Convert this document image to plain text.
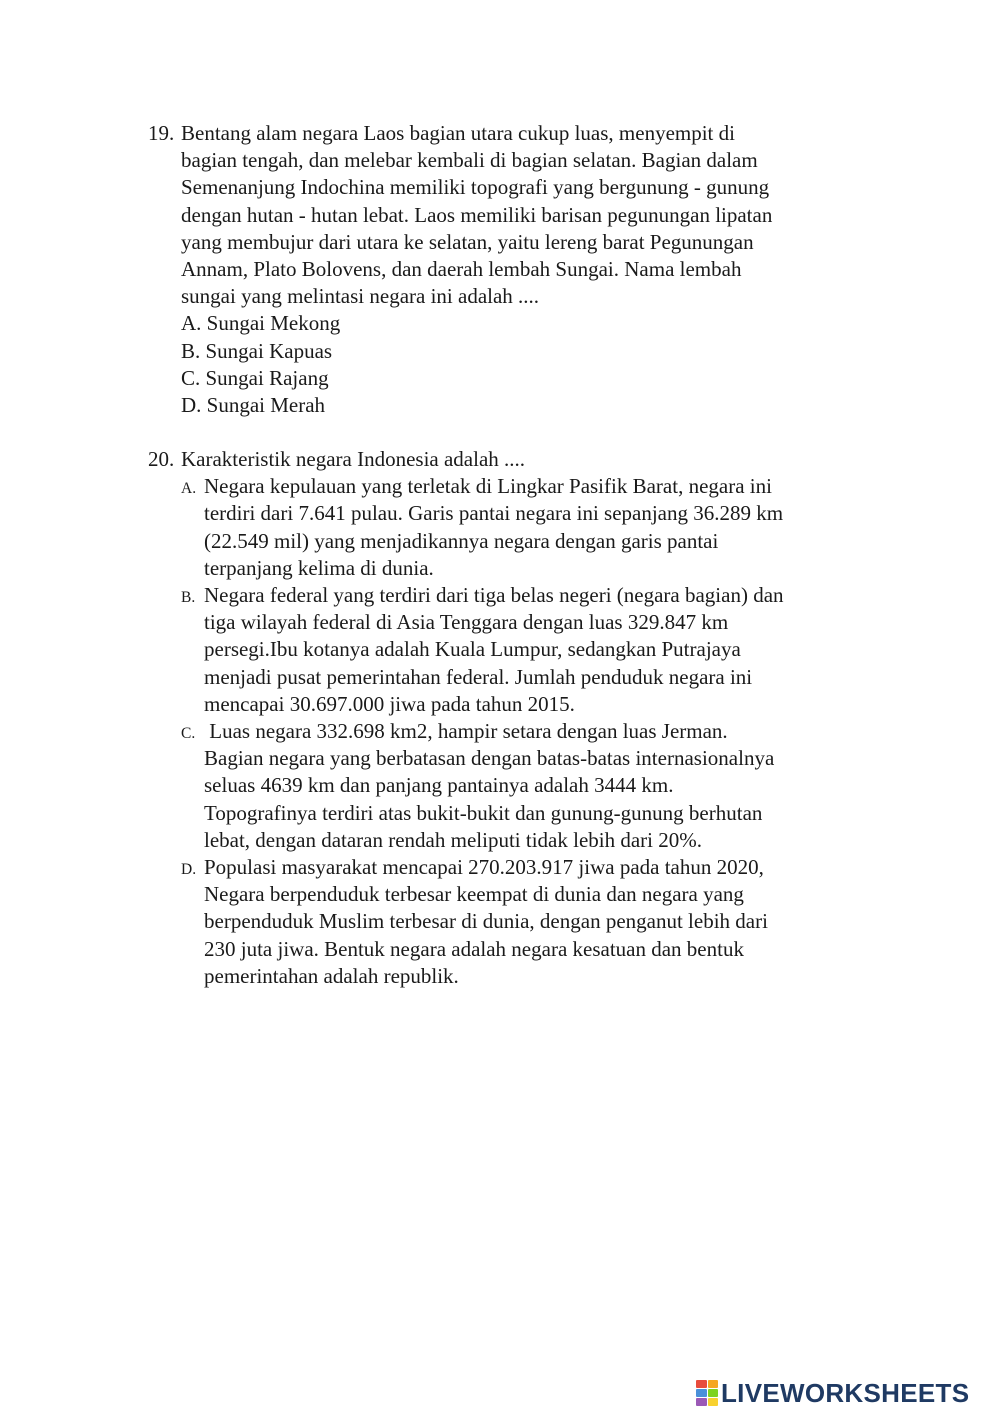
19. Bentang alam negara Laos bagian utara cukup luas, menyempit di
bagian tengah, dan melebar kembali di bagian selatan. Bagian dalam
Semenanjung Indochina memiliki topografi yang bergunung - gunung
dengan hutan - hutan lebat. Laos memiliki barisan pegunungan lipatan
yang membujur dari utara ke selatan, yaitu lereng barat Pegunungan
Annam, Plato Bolovens, dan daerah lembah Sungai. Nama lembah
sungai yang melintasi negara ini adalah ....
A. Sungai Mekong
B. Sungai Kapuas
C. Sungai Rajang
D. Sungai Merah
20. Karakteristik negara Indonesia adalah ....
A. Negara kepulauan yang terletak di Lingkar Pasifik Barat, negara ini
terdiri dari 7.641 pulau. Garis pantai negara ini sepanjang 36.289 km
(22.549 mil) yang menjadikannya negara dengan garis pantai
terpanjang kelima di dunia.
B. Negara federal yang terdiri dari tiga belas negeri (negara bagian) dan
tiga wilayah federal di Asia Tenggara dengan luas 329.847 km
persegi.Ibu kotanya adalah Kuala Lumpur, sedangkan Putrajaya
menjadi pusat pemerintahan federal. Jumlah penduduk negara ini
mencapai 30.697.000 jiwa pada tahun 2015.
C. Luas negara 332.698 km2, hampir setara dengan luas Jerman.
Bagian negara yang berbatasan dengan batas-batas internasionalnya
seluas 4639 km dan panjang pantainya adalah 3444 km.
Topografinya terdiri atas bukit-bukit dan gunung-gunung berhutan
lebat, dengan dataran rendah meliputi tidak lebih dari 20%.
D. Populasi masyarakat mencapai 270.203.917 jiwa pada tahun 2020,
Negara berpenduduk terbesar keempat di dunia dan negara yang
berpenduduk Muslim terbesar di dunia, dengan penganut lebih dari
230 juta jiwa. Bentuk negara adalah negara kesatuan dan bentuk
pemerintahan adalah republik.
LIVEWORKSHEETS
